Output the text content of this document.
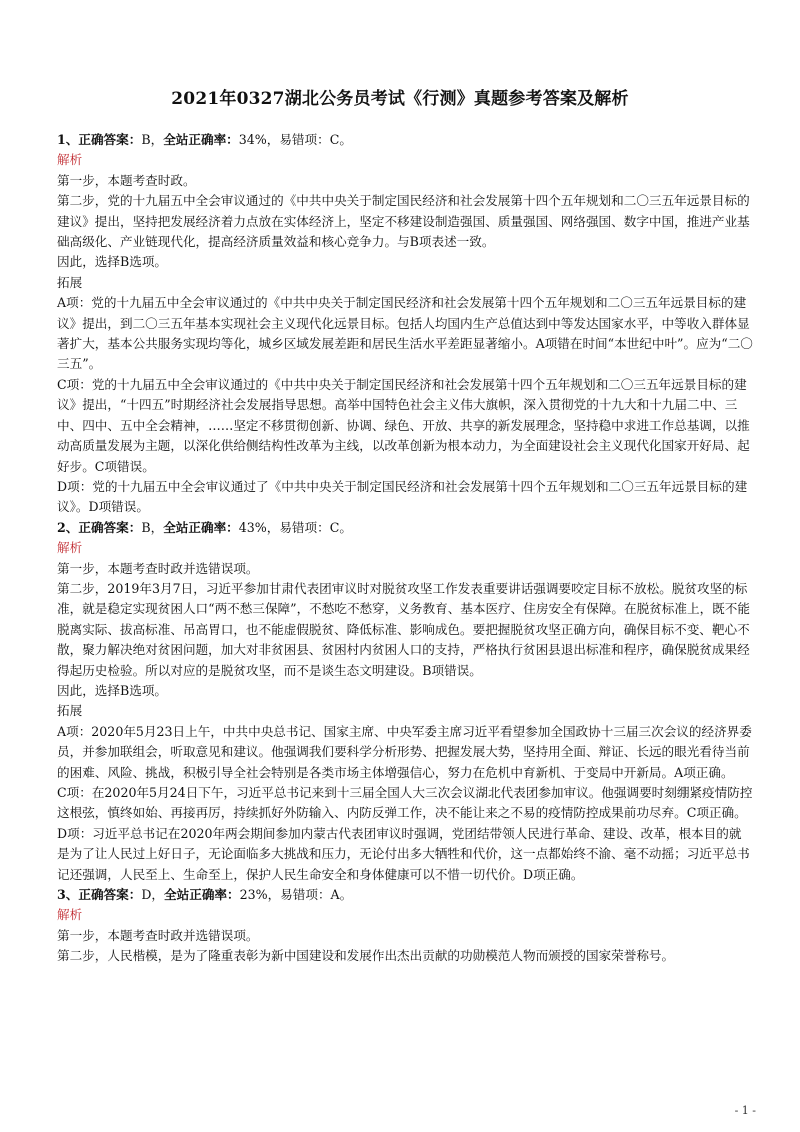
2021年0327湖北公务员考试《行测》真题参考答案及解析

1、正确答案：B，全站正确率：34%，易错项：C。

解析

第一步，本题考查时政。

第二步，党的十九届五中全会审议通过的《中共中央关于制定国民经济和社会发展第十四个五年规划和二〇三五年远景目标的建议》提出，坚持把发展经济着力点放在实体经济上，坚定不移建设制造强国、质量强国、网络强国、数字中国，推进产业基础高级化、产业链现代化，提高经济质量效益和核心竞争力。与B项表述一致。

因此，选择B选项。

拓展

A项：党的十九届五中全会审议通过的《中共中央关于制定国民经济和社会发展第十四个五年规划和二〇三五年远景目标的建议》提出，到二〇三五年基本实现社会主义现代化远景目标。包括人均国内生产总值达到中等发达国家水平，中等收入群体显著扩大，基本公共服务实现均等化，城乡区域发展差距和居民生活水平差距显著缩小。A项错在时间“本世纪中叶”。应为“二〇三五”。

C项：党的十九届五中全会审议通过的《中共中央关于制定国民经济和社会发展第十四个五年规划和二〇三五年远景目标的建议》提出，“十四五”时期经济社会发展指导思想。高举中国特色社会主义伟大旗帜，深入贯彻党的十九大和十九届二中、三中、四中、五中全会精神，……坚定不移贯彻创新、协调、绿色、开放、共享的新发展理念，坚持稳中求进工作总基调，以推动高质量发展为主题，以深化供给侧结构性改革为主线，以改革创新为根本动力，为全面建设社会主义现代化国家开好局、起好步。C项错误。

D项：党的十九届五中全会审议通过了《中共中央关于制定国民经济和社会发展第十四个五年规划和二〇三五年远景目标的建议》。D项错误。

2、正确答案：B，全站正确率：43%，易错项：C。

解析

第一步，本题考查时政并选错误项。

第二步，2019年3月7日，习近平参加甘肃代表团审议时对脱贫攻坚工作发表重要讲话强调要咬定目标不放松。脱贫攻坚的标准，就是稳定实现贫困人口“两不愁三保障”，不愁吃不愁穿，义务教育、基本医疗、住房安全有保障。在脱贫标准上，既不能脱离实际、拔高标准、吊高胃口，也不能虚假脱贫、降低标准、影响成色。要把握脱贫攻坚正确方向，确保目标不变、靶心不散，聚力解决绝对贫困问题，加大对非贫困县、贫困村内贫困人口的支持，严格执行贫困县退出标准和程序，确保脱贫成果经得起历史检验。所以对应的是脱贫攻坚，而不是谈生态文明建设。B项错误。

因此，选择B选项。

拓展

A项：2020年5月23日上午，中共中央总书记、国家主席、中央军委主席习近平看望参加全国政协十三届三次会议的经济界委员，并参加联组会，听取意见和建议。他强调我们要科学分析形势、把握发展大势，坚持用全面、辩证、长远的眼光看待当前的困难、风险、挑战，积极引导全社会特别是各类市场主体增强信心，努力在危机中育新机、于变局中开新局。A项正确。

C项：在2020年5月24日下午，习近平总书记来到十三届全国人大三次会议湖北代表团参加审议。他强调要时刻绷紧疫情防控这根弦，慎终如始、再接再厉，持续抓好外防输入、内防反弹工作，决不能让来之不易的疫情防控成果前功尽弃。C项正确。

D项：习近平总书记在2020年两会期间参加内蒙古代表团审议时强调，党团结带领人民进行革命、建设、改革，根本目的就是为了让人民过上好日子，无论面临多大挑战和压力，无论付出多大牺牲和代价，这一点都始终不渝、毫不动摇；习近平总书记还强调，人民至上、生命至上，保护人民生命安全和身体健康可以不惜一切代价。D项正确。

3、正确答案：D，全站正确率：23%，易错项：A。

解析

第一步，本题考查时政并选错误项。

第二步，人民楷模，是为了隆重表彰为新中国建设和发展作出杰出贡献的功勋模范人物而颁授的国家荣誉称号。

- 1 -
